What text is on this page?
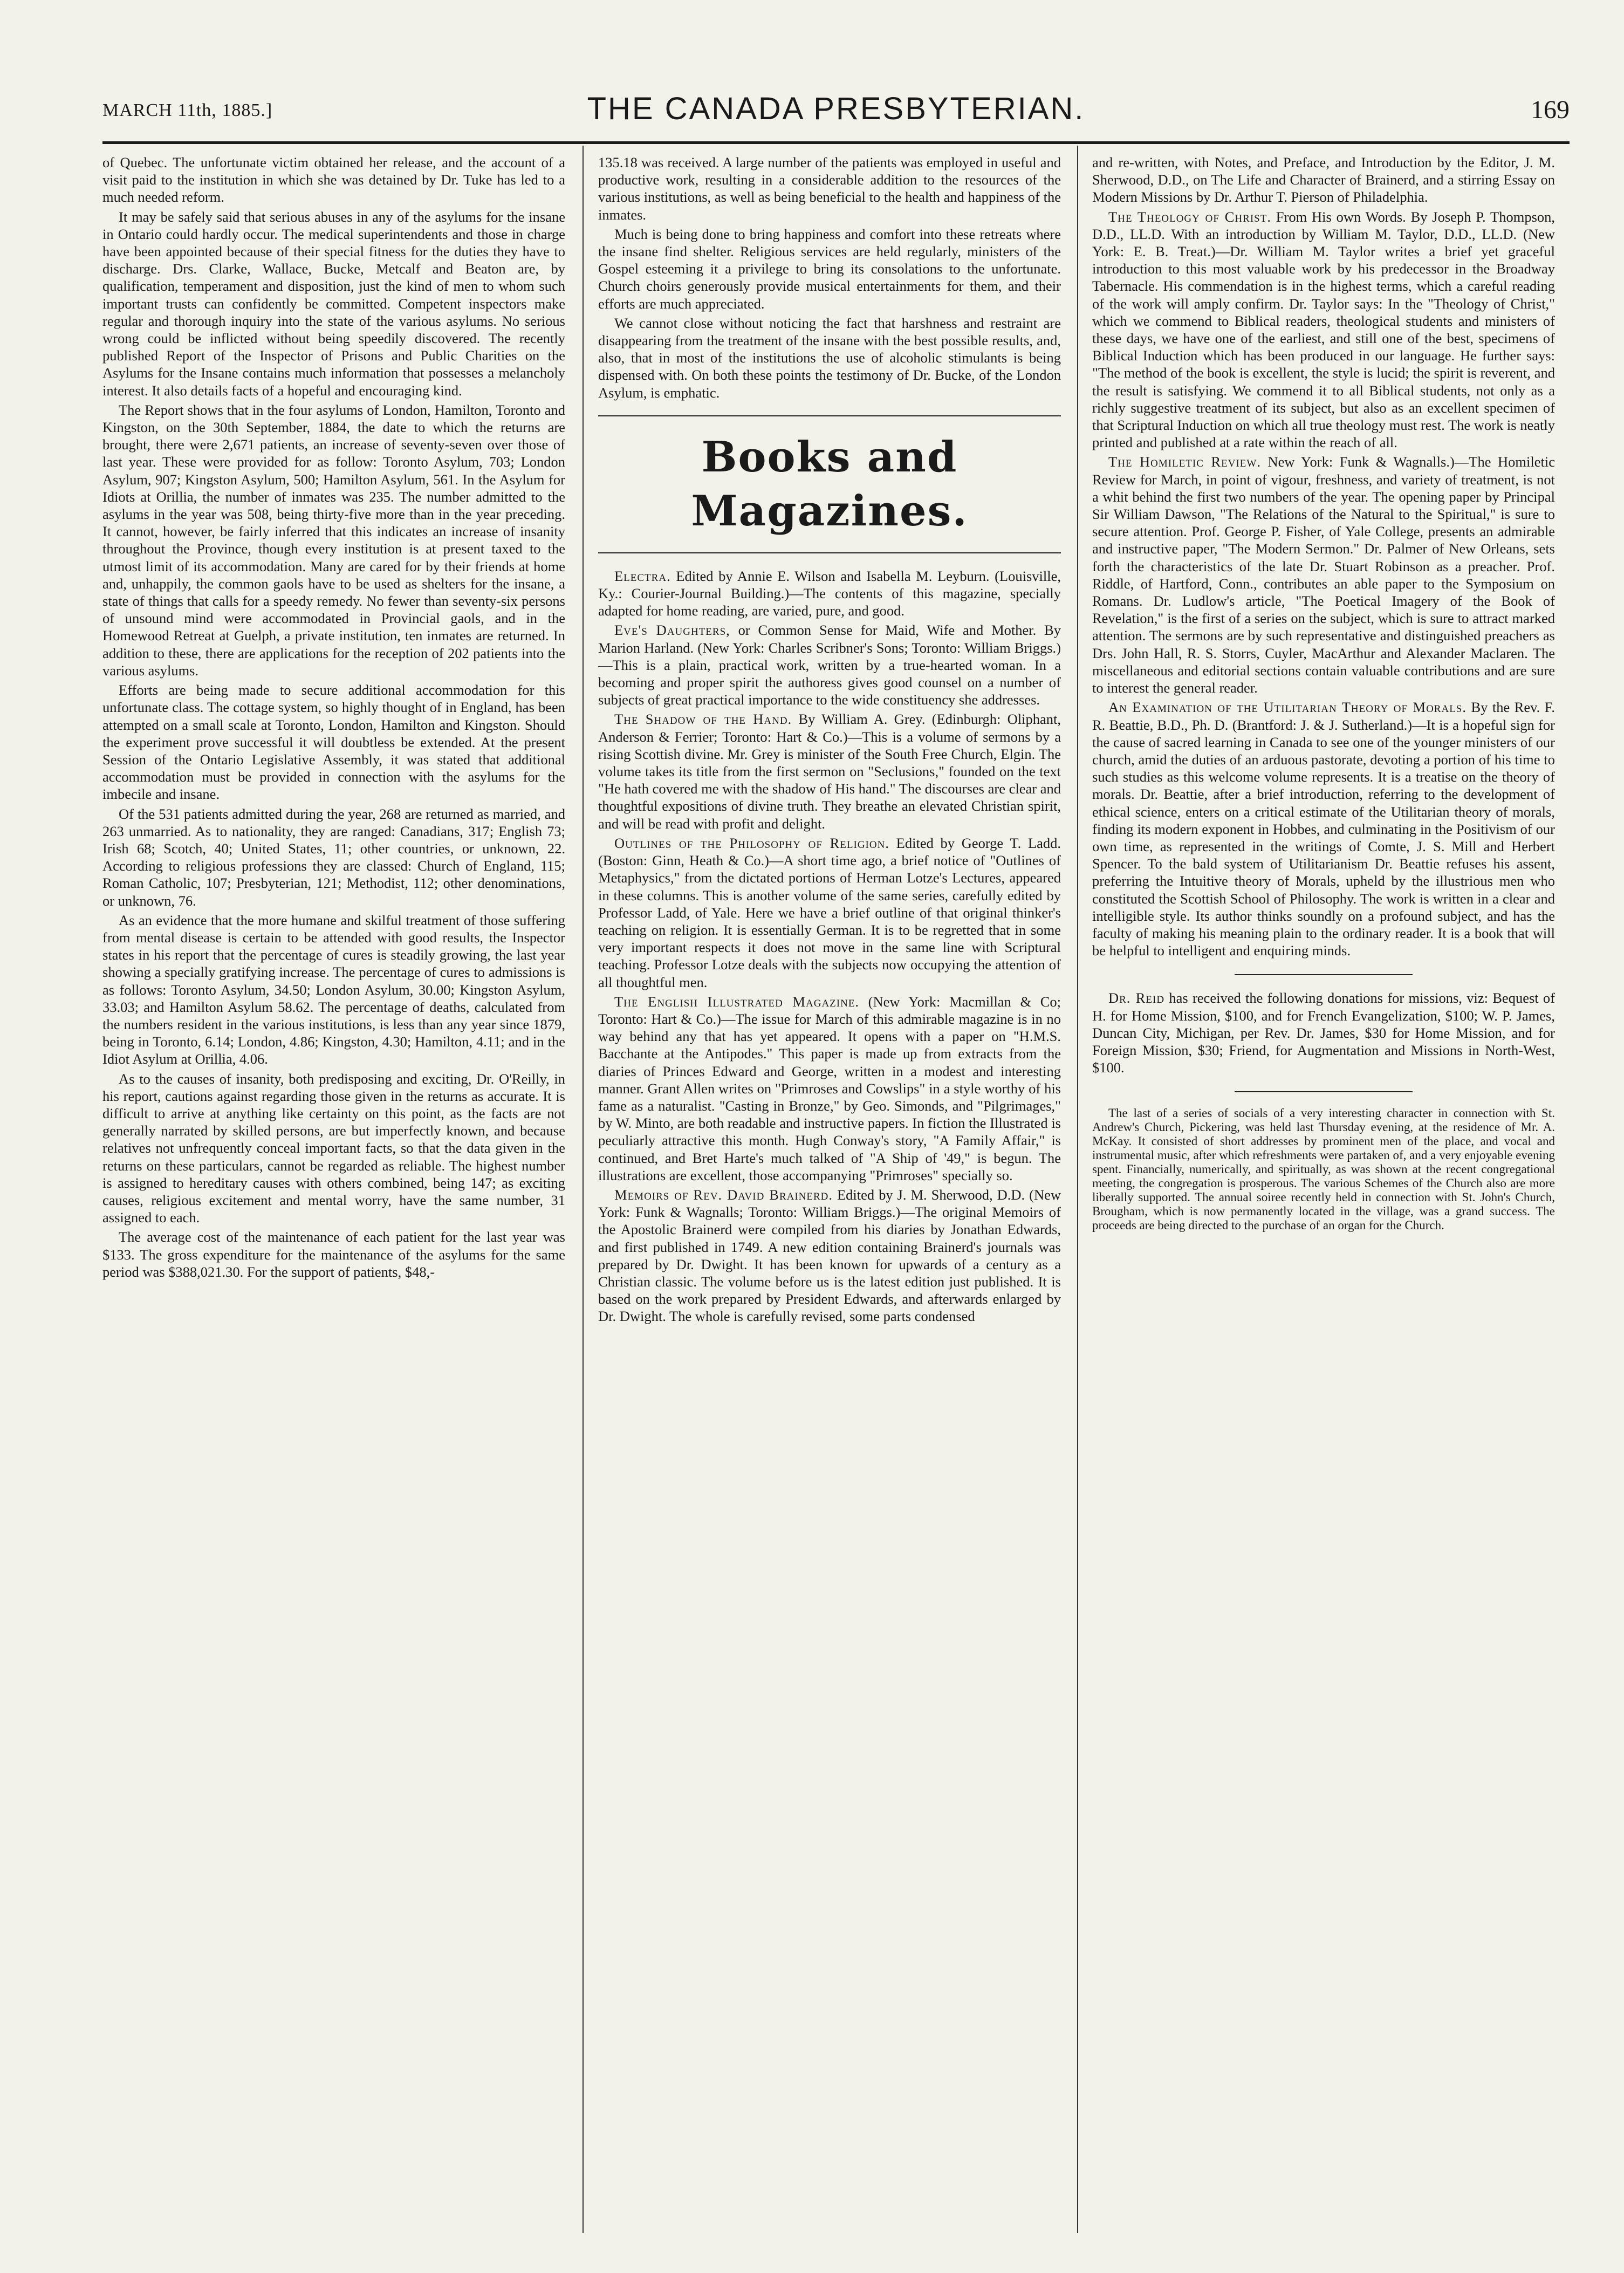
MARCH 11th, 1885.]	THE CANADA PRESBYTERIAN.	169

of Quebec. The unfortunate victim obtained her release, and the account of a visit paid to the institution in which she was detained by Dr. Tuke has led to a much needed reform.

It may be safely said that serious abuses in any of the asylums for the insane in Ontario could hardly occur. The medical superintendents and those in charge have been appointed because of their special fitness for the duties they have to discharge. Drs. Clarke, Wallace, Bucke, Metcalf and Beaton are, by qualification, temperament and disposition, just the kind of men to whom such important trusts can confidently be committed. Competent inspectors make regular and thorough inquiry into the state of the various asylums. No serious wrong could be inflicted without being speedily discovered. The recently published Report of the Inspector of Prisons and Public Charities on the Asylums for the Insane contains much information that possesses a melancholy interest. It also details facts of a hopeful and encouraging kind.

The Report shows that in the four asylums of London, Hamilton, Toronto and Kingston, on the 30th September, 1884, the date to which the returns are brought, there were 2,671 patients, an increase of seventy-seven over those of last year. These were provided for as follow: Toronto Asylum, 703; London Asylum, 907; Kingston Asylum, 500; Hamilton Asylum, 561. In the Asylum for Idiots at Orillia, the number of inmates was 235. The number admitted to the asylums in the year was 508, being thirty-five more than in the year preceding. It cannot, however, be fairly inferred that this indicates an increase of insanity throughout the Province, though every institution is at present taxed to the utmost limit of its accommodation. Many are cared for by their friends at home and, unhappily, the common gaols have to be used as shelters for the insane, a state of things that calls for a speedy remedy. No fewer than seventy-six persons of unsound mind were accommodated in Provincial gaols, and in the Homewood Retreat at Guelph, a private institution, ten inmates are returned. In addition to these, there are applications for the reception of 202 patients into the various asylums.

Efforts are being made to secure additional accommodation for this unfortunate class. The cottage system, so highly thought of in England, has been attempted on a small scale at Toronto, London, Hamilton and Kingston. Should the experiment prove successful it will doubtless be extended. At the present Session of the Ontario Legislative Assembly, it was stated that additional accommodation must be provided in connection with the asylums for the imbecile and insane.

Of the 531 patients admitted during the year, 268 are returned as married, and 263 unmarried. As to nationality, they are ranged: Canadians, 317; English 73; Irish 68; Scotch, 40; United States, 11; other countries, or unknown, 22. According to religious professions they are classed: Church of England, 115; Roman Catholic, 107; Presbyterian, 121; Methodist, 112; other denominations, or unknown, 76.

As an evidence that the more humane and skilful treatment of those suffering from mental disease is certain to be attended with good results, the Inspector states in his report that the percentage of cures is steadily growing, the last year showing a specially gratifying increase. The percentage of cures to admissions is as follows: Toronto Asylum, 34.50; London Asylum, 30.00; Kingston Asylum, 33.03; and Hamilton Asylum 58.62. The percentage of deaths, calculated from the numbers resident in the various institutions, is less than any year since 1879, being in Toronto, 6.14; London, 4.86; Kingston, 4.30; Hamilton, 4.11; and in the Idiot Asylum at Orillia, 4.06.

As to the causes of insanity, both predisposing and exciting, Dr. O'Reilly, in his report, cautions against regarding those given in the returns as accurate. It is difficult to arrive at anything like certainty on this point, as the facts are not generally narrated by skilled persons, are but imperfectly known, and because relatives not unfrequently conceal important facts, so that the data given in the returns on these particulars, cannot be regarded as reliable. The highest number is assigned to hereditary causes with others combined, being 147; as exciting causes, religious excitement and mental worry, have the same number, 31 assigned to each.

The average cost of the maintenance of each patient for the last year was $133. The gross expenditure for the maintenance of the asylums for the same period was $388,021.30. For the support of patients, $48,-

135.18 was received. A large number of the patients was employed in useful and productive work, resulting in a considerable addition to the resources of the various institutions, as well as being beneficial to the health and happiness of the inmates.

Much is being done to bring happiness and comfort into these retreats where the insane find shelter. Religious services are held regularly, ministers of the Gospel esteeming it a privilege to bring its consolations to the unfortunate. Church choirs generously provide musical entertainments for them, and their efforts are much appreciated.

We cannot close without noticing the fact that harshness and restraint are disappearing from the treatment of the insane with the best possible results, and, also, that in most of the institutions the use of alcoholic stimulants is being dispensed with. On both these points the testimony of Dr. Bucke, of the London Asylum, is emphatic.

Books and Magazines.

Electra. Edited by Annie E. Wilson and Isabella M. Leyburn. (Louisville, Ky.: Courier-Journal Building.)—The contents of this magazine, specially adapted for home reading, are varied, pure, and good.

Eve's Daughters, or Common Sense for Maid, Wife and Mother. By Marion Harland. (New York: Charles Scribner's Sons; Toronto: William Briggs.)—This is a plain, practical work, written by a true-hearted woman. In a becoming and proper spirit the authoress gives good counsel on a number of subjects of great practical importance to the wide constituency she addresses.

The Shadow of the Hand. By William A. Grey. (Edinburgh: Oliphant, Anderson & Ferrier; Toronto: Hart & Co.)—This is a volume of sermons by a rising Scottish divine. Mr. Grey is minister of the South Free Church, Elgin. The volume takes its title from the first sermon on "Seclusions," founded on the text "He hath covered me with the shadow of His hand." The discourses are clear and thoughtful expositions of divine truth. They breathe an elevated Christian spirit, and will be read with profit and delight.

Outlines of the Philosophy of Religion. Edited by George T. Ladd. (Boston: Ginn, Heath & Co.)—A short time ago, a brief notice of "Outlines of Metaphysics," from the dictated portions of Herman Lotze's Lectures, appeared in these columns. This is another volume of the same series, carefully edited by Professor Ladd, of Yale. Here we have a brief outline of that original thinker's teaching on religion. It is essentially German. It is to be regretted that in some very important respects it does not move in the same line with Scriptural teaching. Professor Lotze deals with the subjects now occupying the attention of all thoughtful men.

The English Illustrated Magazine. (New York: Macmillan & Co; Toronto: Hart & Co.)—The issue for March of this admirable magazine is in no way behind any that has yet appeared. It opens with a paper on "H.M.S. Bacchante at the Antipodes." This paper is made up from extracts from the diaries of Princes Edward and George, written in a modest and interesting manner. Grant Allen writes on "Primroses and Cowslips" in a style worthy of his fame as a naturalist. "Casting in Bronze," by Geo. Simonds, and "Pilgrimages," by W. Minto, are both readable and instructive papers. In fiction the Illustrated is peculiarly attractive this month. Hugh Conway's story, "A Family Affair," is continued, and Bret Harte's much talked of "A Ship of '49," is begun. The illustrations are excellent, those accompanying "Primroses" specially so.

Memoirs of Rev. David Brainerd. Edited by J. M. Sherwood, D.D. (New York: Funk & Wagnalls; Toronto: William Briggs.)—The original Memoirs of the Apostolic Brainerd were compiled from his diaries by Jonathan Edwards, and first published in 1749. A new edition containing Brainerd's journals was prepared by Dr. Dwight. It has been known for upwards of a century as a Christian classic. The volume before us is the latest edition just published. It is based on the work prepared by President Edwards, and afterwards enlarged by Dr. Dwight. The whole is carefully revised, some parts condensed

and re-written, with Notes, and Preface, and Introduction by the Editor, J. M. Sherwood, D.D., on The Life and Character of Brainerd, and a stirring Essay on Modern Missions by Dr. Arthur T. Pierson of Philadelphia.

The Theology of Christ. From His own Words. By Joseph P. Thompson, D.D., LL.D. With an introduction by William M. Taylor, D.D., LL.D. (New York: E. B. Treat.)—Dr. William M. Taylor writes a brief yet graceful introduction to this most valuable work by his predecessor in the Broadway Tabernacle. His commendation is in the highest terms, which a careful reading of the work will amply confirm. Dr. Taylor says: In the "Theology of Christ," which we commend to Biblical readers, theological students and ministers of these days, we have one of the earliest, and still one of the best, specimens of Biblical Induction which has been produced in our language. He further says: "The method of the book is excellent, the style is lucid; the spirit is reverent, and the result is satisfying. We commend it to all Biblical students, not only as a richly suggestive treatment of its subject, but also as an excellent specimen of that Scriptural Induction on which all true theology must rest. The work is neatly printed and published at a rate within the reach of all.

The Homiletic Review. New York: Funk & Wagnalls.)—The Homiletic Review for March, in point of vigour, freshness, and variety of treatment, is not a whit behind the first two numbers of the year. The opening paper by Principal Sir William Dawson, "The Relations of the Natural to the Spiritual," is sure to secure attention. Prof. George P. Fisher, of Yale College, presents an admirable and instructive paper, "The Modern Sermon." Dr. Palmer of New Orleans, sets forth the characteristics of the late Dr. Stuart Robinson as a preacher. Prof. Riddle, of Hartford, Conn., contributes an able paper to the Symposium on Romans. Dr. Ludlow's article, "The Poetical Imagery of the Book of Revelation," is the first of a series on the subject, which is sure to attract marked attention. The sermons are by such representative and distinguished preachers as Drs. John Hall, R. S. Storrs, Cuyler, MacArthur and Alexander Maclaren. The miscellaneous and editorial sections contain valuable contributions and are sure to interest the general reader.

An Examination of the Utilitarian Theory of Morals. By the Rev. F. R. Beattie, B.D., Ph. D. (Brantford: J. & J. Sutherland.)—It is a hopeful sign for the cause of sacred learning in Canada to see one of the younger ministers of our church, amid the duties of an arduous pastorate, devoting a portion of his time to such studies as this welcome volume represents. It is a treatise on the theory of morals. Dr. Beattie, after a brief introduction, referring to the development of ethical science, enters on a critical estimate of the Utilitarian theory of morals, finding its modern exponent in Hobbes, and culminating in the Positivism of our own time, as represented in the writings of Comte, J. S. Mill and Herbert Spencer. To the bald system of Utilitarianism Dr. Beattie refuses his assent, preferring the Intuitive theory of Morals, upheld by the illustrious men who constituted the Scottish School of Philosophy. The work is written in a clear and intelligible style. Its author thinks soundly on a profound subject, and has the faculty of making his meaning plain to the ordinary reader. It is a book that will be helpful to intelligent and enquiring minds.

Dr. Reid has received the following donations for missions, viz: Bequest of H. for Home Mission, $100, and for French Evangelization, $100; W. P. James, Duncan City, Michigan, per Rev. Dr. James, $30 for Home Mission, and for Foreign Mission, $30; Friend, for Augmentation and Missions in North-West, $100.

The last of a series of socials of a very interesting character in connection with St. Andrew's Church, Pickering, was held last Thursday evening, at the residence of Mr. A. McKay. It consisted of short addresses by prominent men of the place, and vocal and instrumental music, after which refreshments were partaken of, and a very enjoyable evening spent. Financially, numerically, and spiritually, as was shown at the recent congregational meeting, the congregation is prosperous. The various Schemes of the Church also are more liberally supported. The annual soiree recently held in connection with St. John's Church, Brougham, which is now permanently located in the village, was a grand success. The proceeds are being directed to the purchase of an organ for the Church.
